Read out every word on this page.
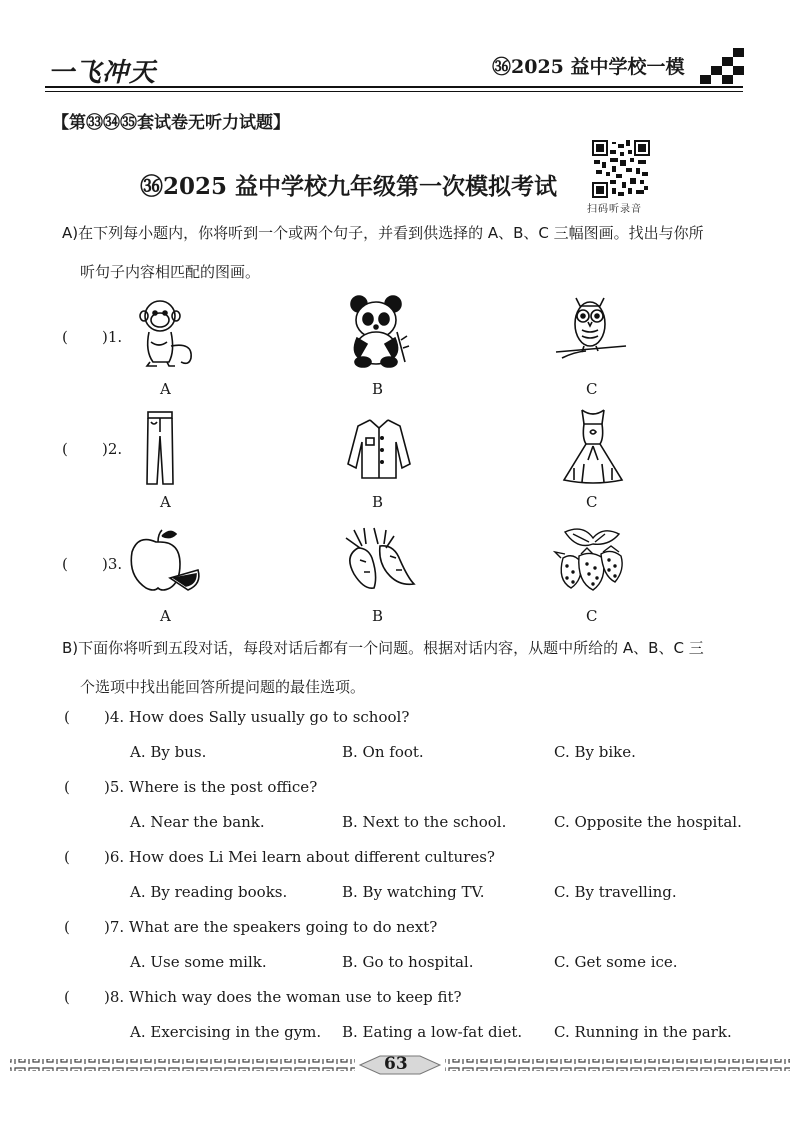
一飞冲天	㊱2025 益中学校一模
【第㉝㉞㉟套试卷无听力试题】
㊱2025 益中学校九年级第一次模拟考试
扫码听录音
A)在下列每小题内，你将听到一个或两个句子，并看到供选择的 A、B、C 三幅图画。找出与你所
听句子内容相匹配的图画。
( )1.
A	B	C
( )2.
A	B	C
( )3.
A	B	C
B)下面你将听到五段对话，每段对话后都有一个问题。根据对话内容，从题中所给的 A、B、C 三
个选项中找出能回答所提问题的最佳选项。
( )4. How does Sally usually go to school?
A. By bus.	B. On foot.	C. By bike.
( )5. Where is the post office?
A. Near the bank.	B. Next to the school.	C. Opposite the hospital.
( )6. How does Li Mei learn about different cultures?
A. By reading books.	B. By watching TV.	C. By travelling.
( )7. What are the speakers going to do next?
A. Use some milk.	B. Go to hospital.	C. Get some ice.
( )8. Which way does the woman use to keep fit?
A. Exercising in the gym. B. Eating a low-fat diet. C. Running in the park.
63
